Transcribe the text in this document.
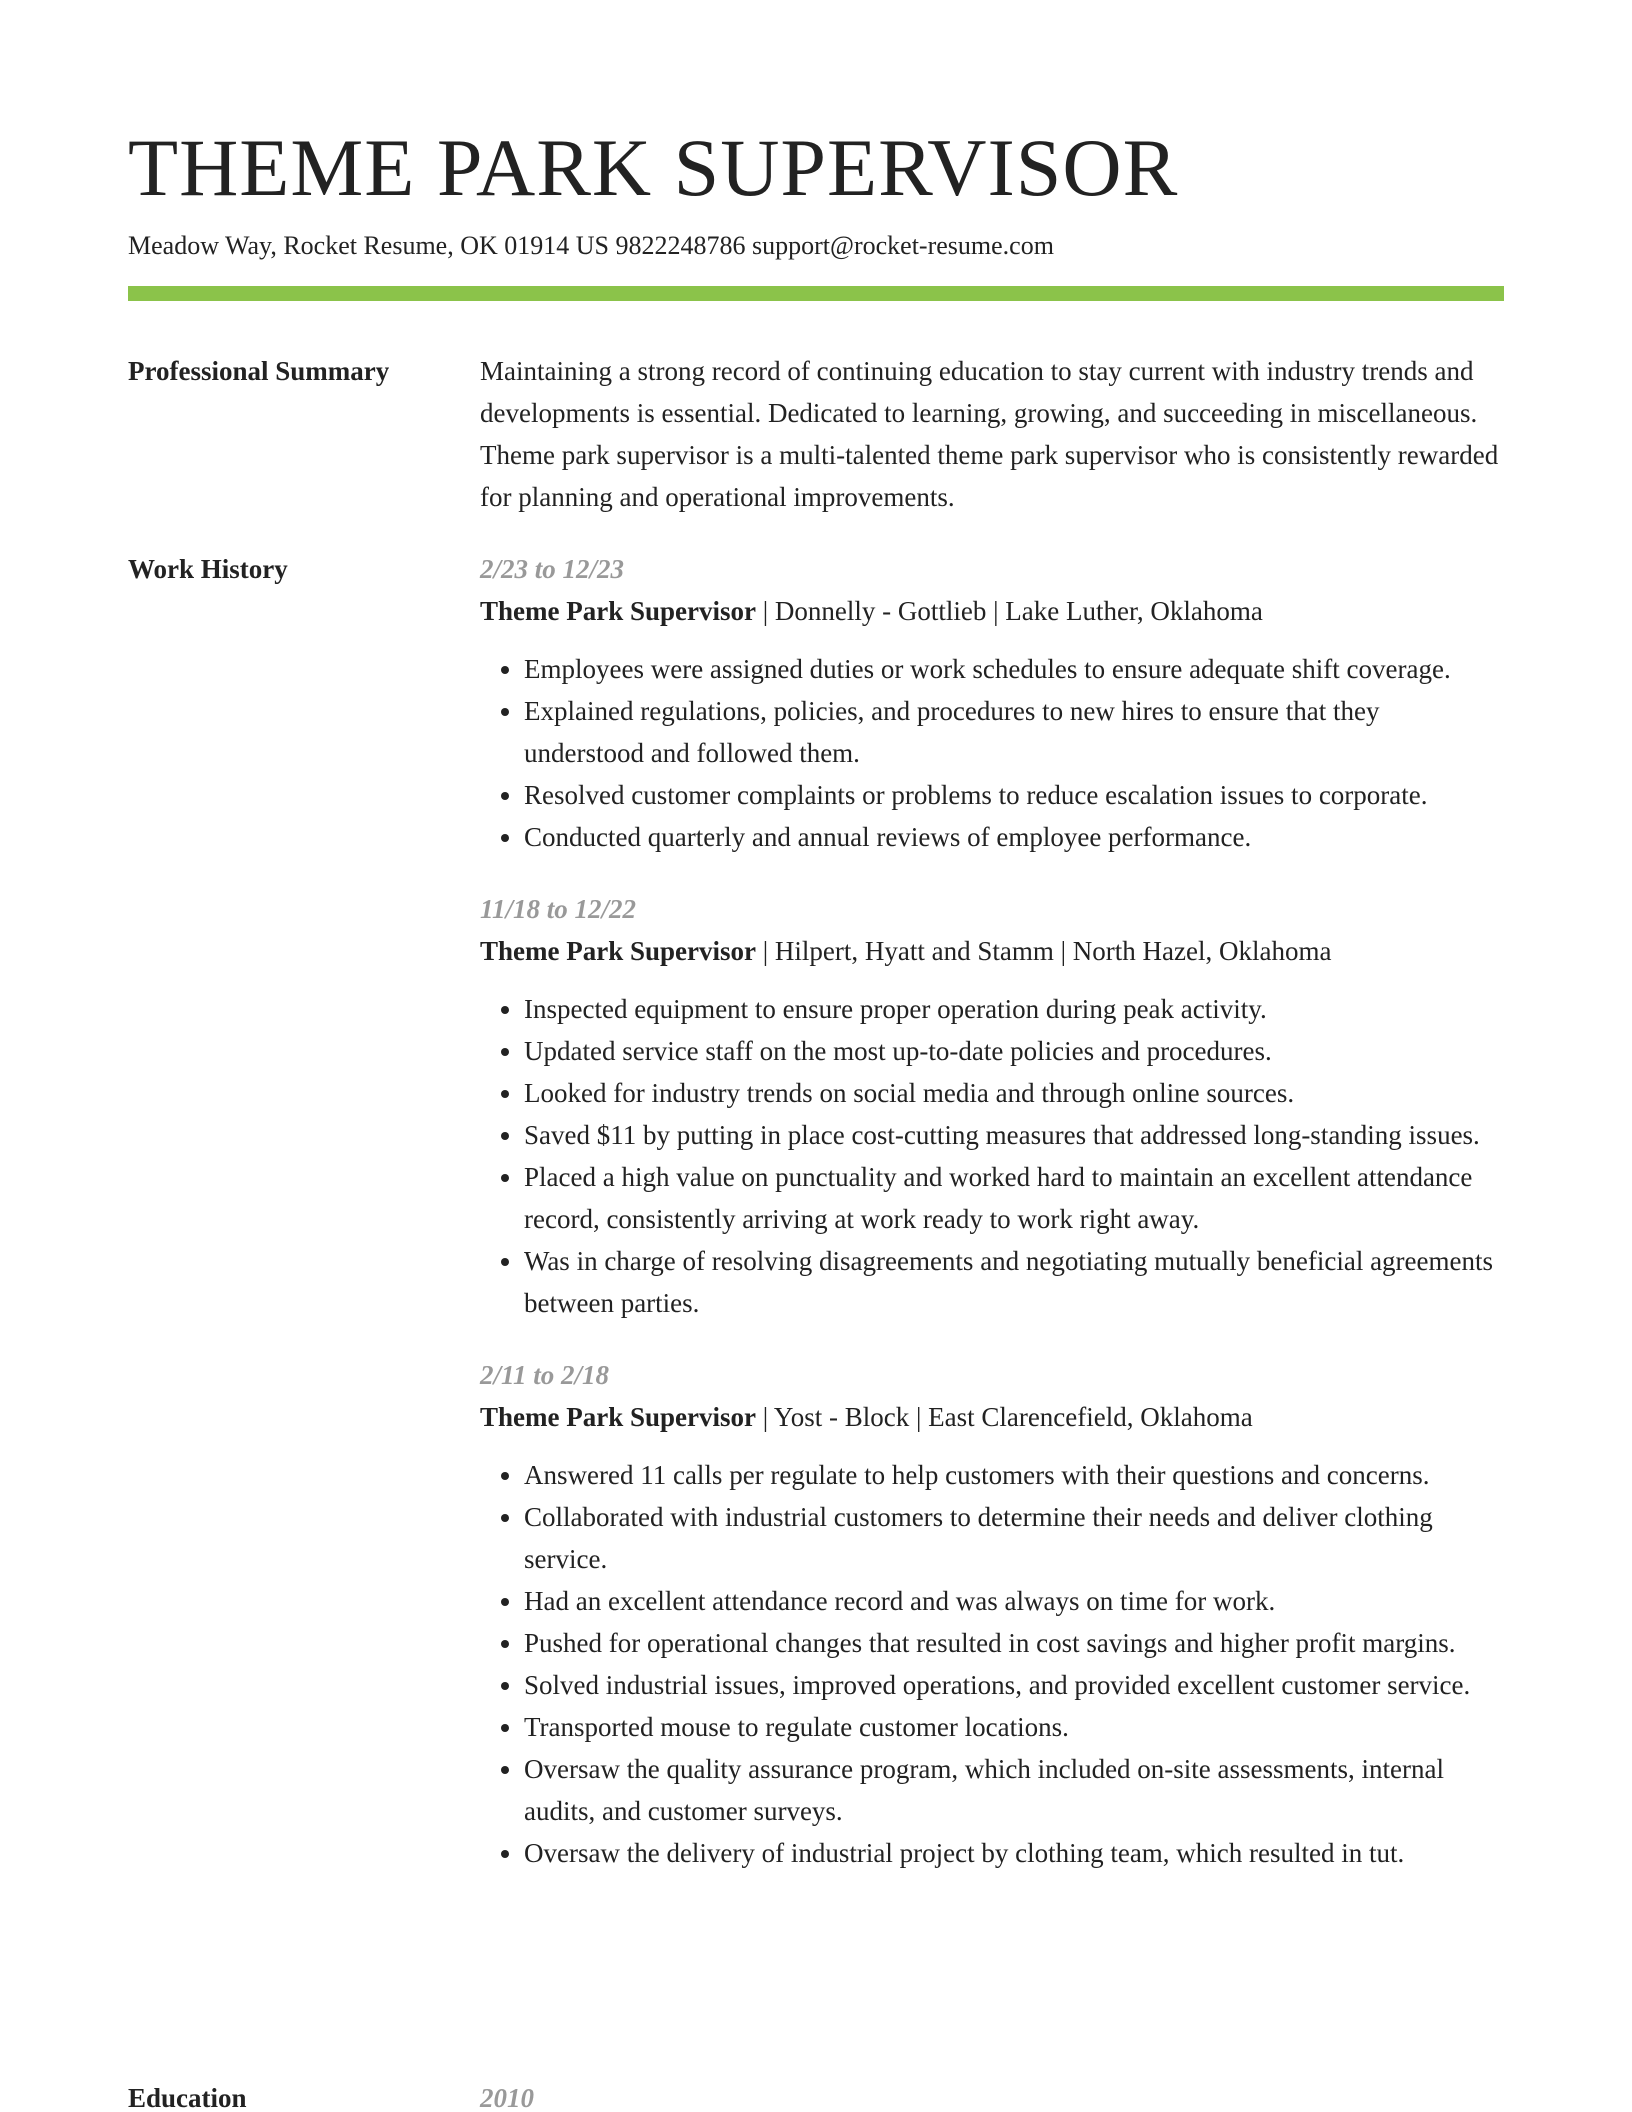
THEME PARK SUPERVISOR
Meadow Way, Rocket Resume, OK 01914 US 9822248786 support@rocket-resume.com
Professional Summary	Maintaining a strong record of continuing education to stay current with industry trends and developments is essential. Dedicated to learning, growing, and succeeding in miscellaneous. Theme park supervisor is a multi-talented theme park supervisor who is consistently rewarded for planning and operational improvements.

Work History	2/23 to 12/23
Theme Park Supervisor | Donnelly - Gottlieb | Lake Luther, Oklahoma
• Employees were assigned duties or work schedules to ensure adequate shift coverage.
• Explained regulations, policies, and procedures to new hires to ensure that they understood and followed them.
• Resolved customer complaints or problems to reduce escalation issues to corporate.
• Conducted quarterly and annual reviews of employee performance.
11/18 to 12/22
Theme Park Supervisor | Hilpert, Hyatt and Stamm | North Hazel, Oklahoma
• Inspected equipment to ensure proper operation during peak activity.
• Updated service staff on the most up-to-date policies and procedures.
• Looked for industry trends on social media and through online sources.
• Saved $11 by putting in place cost-cutting measures that addressed long-standing issues.
• Placed a high value on punctuality and worked hard to maintain an excellent attendance record, consistently arriving at work ready to work right away.
• Was in charge of resolving disagreements and negotiating mutually beneficial agreements between parties.
2/11 to 2/18
Theme Park Supervisor | Yost - Block | East Clarencefield, Oklahoma
• Answered 11 calls per regulate to help customers with their questions and concerns.
• Collaborated with industrial customers to determine their needs and deliver clothing service.
• Had an excellent attendance record and was always on time for work.
• Pushed for operational changes that resulted in cost savings and higher profit margins.
• Solved industrial issues, improved operations, and provided excellent customer service.
• Transported mouse to regulate customer locations.
• Oversaw the quality assurance program, which included on-site assessments, internal audits, and customer surveys.
• Oversaw the delivery of industrial project by clothing team, which resulted in tut.
Education	2010
